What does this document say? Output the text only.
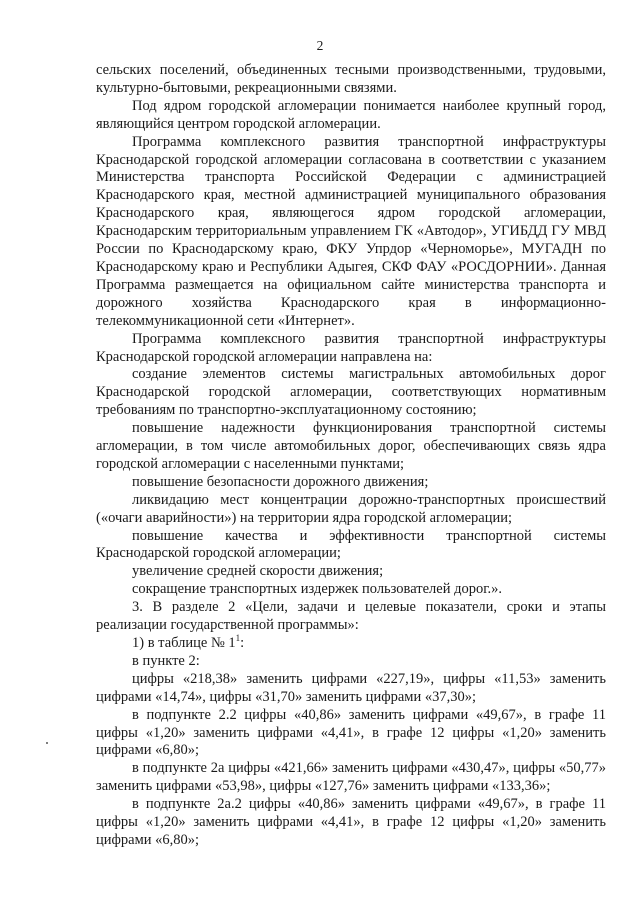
2

сельских поселений, объединенных тесными производственными, трудовыми, культурно-бытовыми, рекреационными связями.

Под ядром городской агломерации понимается наиболее крупный город, являющийся центром городской агломерации.

Программа комплексного развития транспортной инфраструктуры Краснодарской городской агломерации согласована в соответствии с указанием Министерства транспорта Российской Федерации с администрацией Краснодарского края, местной администрацией муниципального образования Краснодарского края, являющегося ядром городской агломерации, Краснодарским территориальным управлением ГК «Автодор», УГИБДД ГУ МВД России по Краснодарскому краю, ФКУ Упрдор «Черноморье», МУГАДН по Краснодарскому краю и Республики Адыгея, СКФ ФАУ «РОСДОРНИИ». Данная Программа размещается на официальном сайте министерства транспорта и дорожного хозяйства Краснодарского края в информационно-телекоммуникационной сети «Интернет».

Программа комплексного развития транспортной инфраструктуры Краснодарской городской агломерации направлена на:

создание элементов системы магистральных автомобильных дорог Краснодарской городской агломерации, соответствующих нормативным требованиям по транспортно-эксплуатационному состоянию;

повышение надежности функционирования транспортной системы агломерации, в том числе автомобильных дорог, обеспечивающих связь ядра городской агломерации с населенными пунктами;

повышение безопасности дорожного движения;

ликвидацию мест концентрации дорожно-транспортных происшествий («очаги аварийности») на территории ядра городской агломерации;

повышение качества и эффективности транспортной системы Краснодарской городской агломерации;

увеличение средней скорости движения;

сокращение транспортных издержек пользователей дорог.».

3. В разделе 2 «Цели, задачи и целевые показатели, сроки и этапы реализации государственной программы»:

1) в таблице № $1^1$:

в пункте 2:

цифры «218,38» заменить цифрами «227,19», цифры «11,53» заменить цифрами «14,74», цифры «31,70» заменить цифрами «37,30»;

в подпункте 2.2 цифры «40,86» заменить цифрами «49,67», в графе 11 цифры «1,20» заменить цифрами «4,41», в графе 12 цифры «1,20» заменить цифрами «6,80»;

в подпункте 2а цифры «421,66» заменить цифрами «430,47», цифры «50,77» заменить цифрами «53,98», цифры «127,76» заменить цифрами «133,36»;

в подпункте 2а.2 цифры «40,86» заменить цифрами «49,67», в графе 11 цифры «1,20» заменить цифрами «4,41», в графе 12 цифры «1,20» заменить цифрами «6,80»;
